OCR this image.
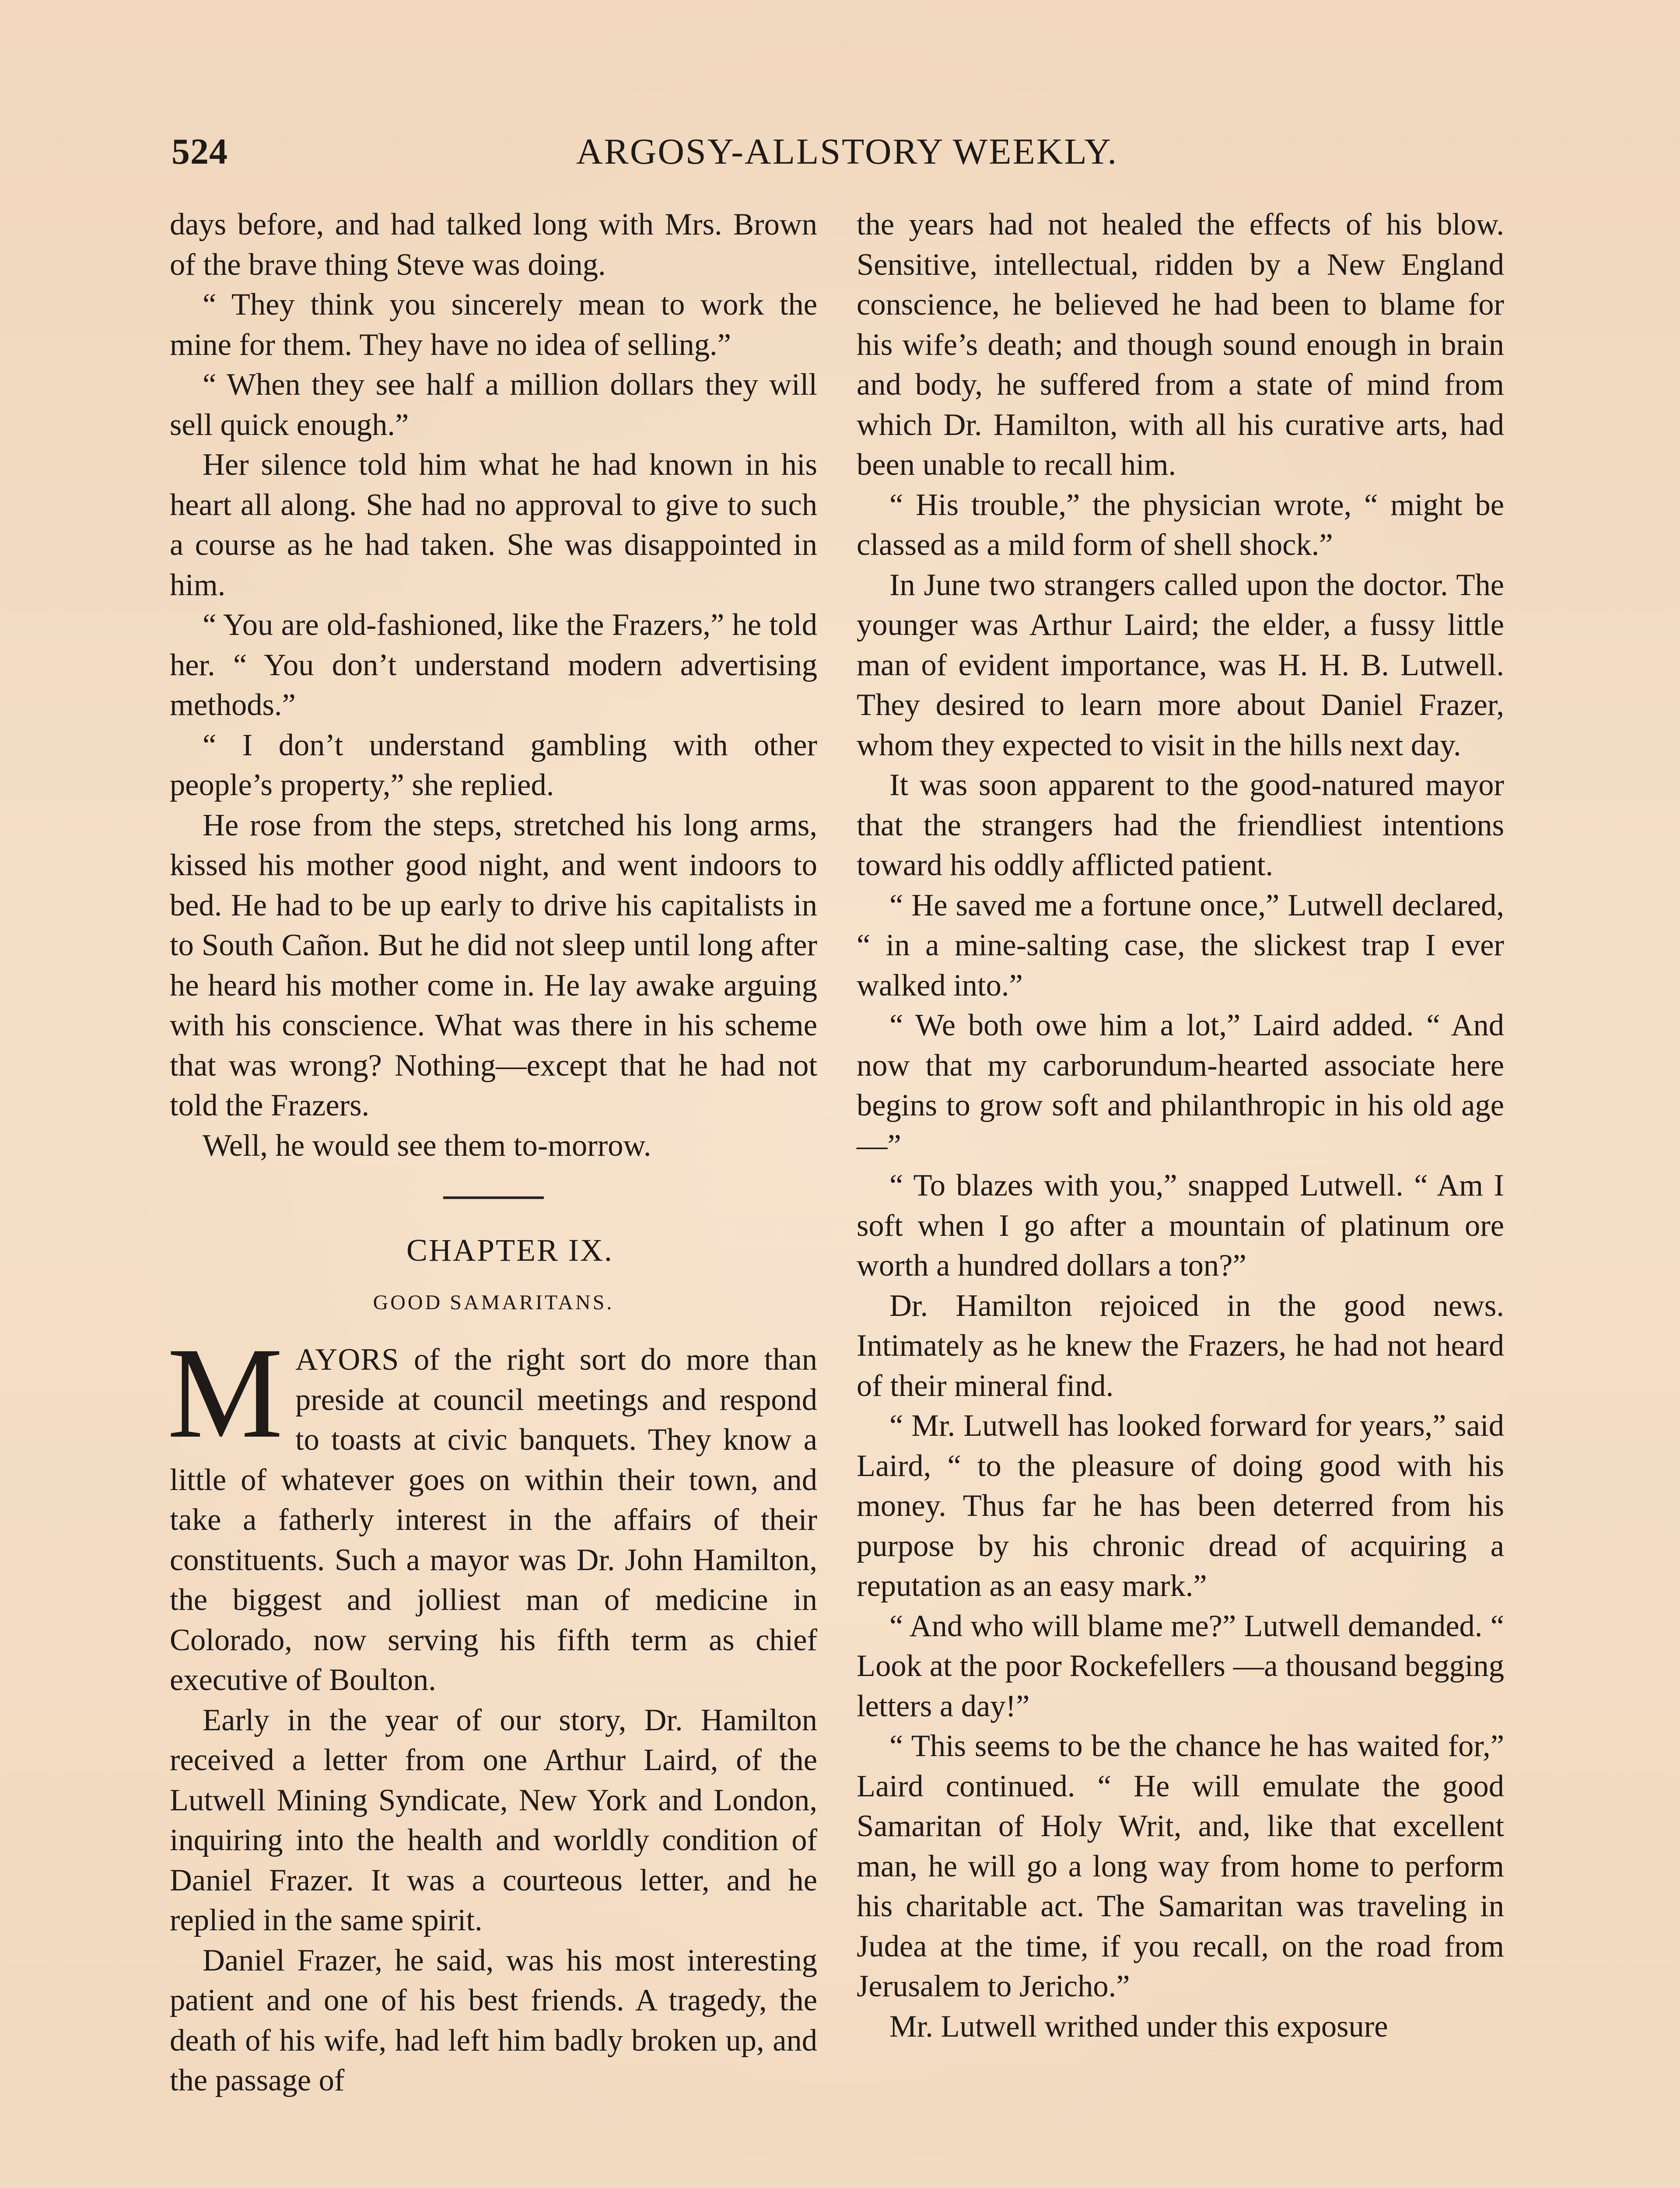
524	ARGOSY-ALLSTORY WEEKLY.

days before, and had talked long with Mrs. Brown of the brave thing Steve was doing.

“ They think you sincerely mean to work the mine for them. They have no idea of selling.”

“ When they see half a million dollars they will sell quick enough.”

Her silence told him what he had known in his heart all along. She had no approval to give to such a course as he had taken. She was disappointed in him.

“ You are old-fashioned, like the Frazers,” he told her. “ You don’t understand modern advertising methods.”

“ I don’t understand gambling with other people’s property,” she replied.

He rose from the steps, stretched his long arms, kissed his mother good night, and went indoors to bed. He had to be up early to drive his capitalists in to South Cañon. But he did not sleep until long after he heard his mother come in. He lay awake arguing with his conscience. What was there in his scheme that was wrong? Nothing—except that he had not told the Frazers.

Well, he would see them to-morrow.

CHAPTER IX.

GOOD SAMARITANS.

MAYORS of the right sort do more than preside at council meetings and respond to toasts at civic banquets. They know a little of whatever goes on within their town, and take a fatherly interest in the affairs of their constituents. Such a mayor was Dr. John Hamilton, the biggest and jolliest man of medicine in Colorado, now serving his fifth term as chief executive of Boulton.

Early in the year of our story, Dr. Hamilton received a letter from one Arthur Laird, of the Lutwell Mining Syndicate, New York and London, inquiring into the health and worldly condition of Daniel Frazer. It was a courteous letter, and he replied in the same spirit.

Daniel Frazer, he said, was his most interesting patient and one of his best friends. A tragedy, the death of his wife, had left him badly broken up, and the passage of

the years had not healed the effects of his blow. Sensitive, intellectual, ridden by a New England conscience, he believed he had been to blame for his wife’s death; and though sound enough in brain and body, he suffered from a state of mind from which Dr. Hamilton, with all his curative arts, had been unable to recall him.

“ His trouble,” the physician wrote, “ might be classed as a mild form of shell shock.”

In June two strangers called upon the doctor. The younger was Arthur Laird; the elder, a fussy little man of evident importance, was H. H. B. Lutwell. They desired to learn more about Daniel Frazer, whom they expected to visit in the hills next day.

It was soon apparent to the good-natured mayor that the strangers had the friendliest intentions toward his oddly afflicted patient.

“ He saved me a fortune once,” Lutwell declared, “ in a mine-salting case, the slickest trap I ever walked into.”

“ We both owe him a lot,” Laird added. “ And now that my carborundum-hearted associate here begins to grow soft and philanthropic in his old age—”

“ To blazes with you,” snapped Lutwell. “ Am I soft when I go after a mountain of platinum ore worth a hundred dollars a ton?”

Dr. Hamilton rejoiced in the good news. Intimately as he knew the Frazers, he had not heard of their mineral find.

“ Mr. Lutwell has looked forward for years,” said Laird, “ to the pleasure of doing good with his money. Thus far he has been deterred from his purpose by his chronic dread of acquiring a reputation as an easy mark.”

“ And who will blame me?” Lutwell demanded. “ Look at the poor Rockefellers —a thousand begging letters a day!”

“ This seems to be the chance he has waited for,” Laird continued. “ He will emulate the good Samaritan of Holy Writ, and, like that excellent man, he will go a long way from home to perform his charitable act. The Samaritan was traveling in Judea at the time, if you recall, on the road from Jerusalem to Jericho.”

Mr. Lutwell writhed under this exposure
